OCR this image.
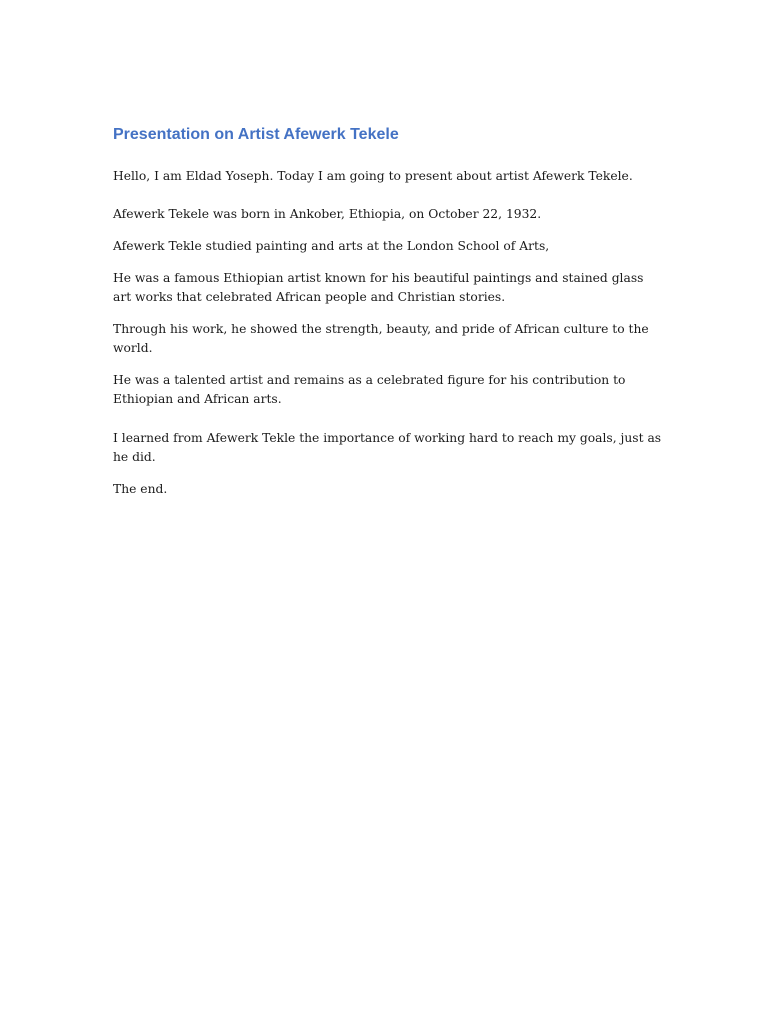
Presentation on Artist Afewerk Tekele

Hello, I am Eldad Yoseph. Today I am going to present about artist Afewerk Tekele.

Afewerk Tekele was born in Ankober, Ethiopia, on October 22, 1932.

Afewerk Tekle studied painting and arts at the London School of Arts,

He was a famous Ethiopian artist known for his beautiful paintings and stained glass art works that celebrated African people and Christian stories.

Through his work, he showed the strength, beauty, and pride of African culture to the world.

He was a talented artist and remains as a celebrated figure for his contribution to Ethiopian and African arts.

I learned from Afewerk Tekle the importance of working hard to reach my goals, just as he did.

The end.
